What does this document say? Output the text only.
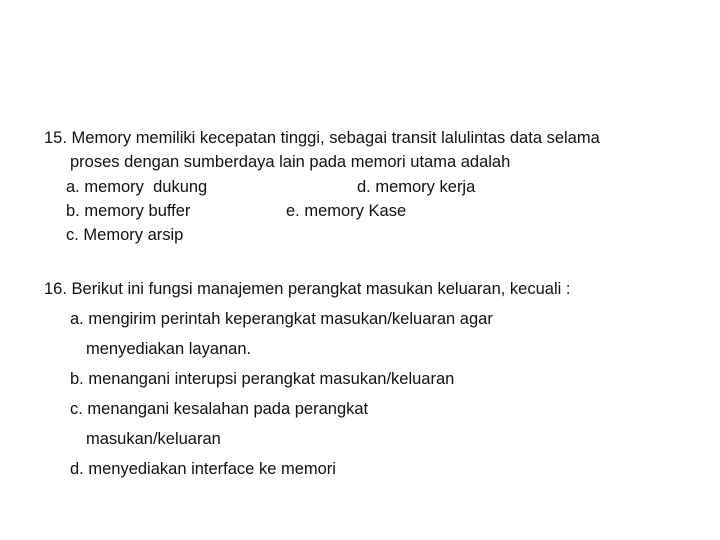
15. Memory memiliki kecepatan tinggi, sebagai transit lalulintas data selama
proses dengan sumberdaya lain pada memori utama adalah
a. memory  dukung	d. memory kerja
b. memory buffer	e. memory Kase
c. Memory arsip
16. Berikut ini fungsi manajemen perangkat masukan keluaran, kecuali :
a. mengirim perintah keperangkat masukan/keluaran agar
menyediakan layanan.
b. menangani interupsi perangkat masukan/keluaran
c. menangani kesalahan pada perangkat
masukan/keluaran
d. menyediakan interface ke memori
